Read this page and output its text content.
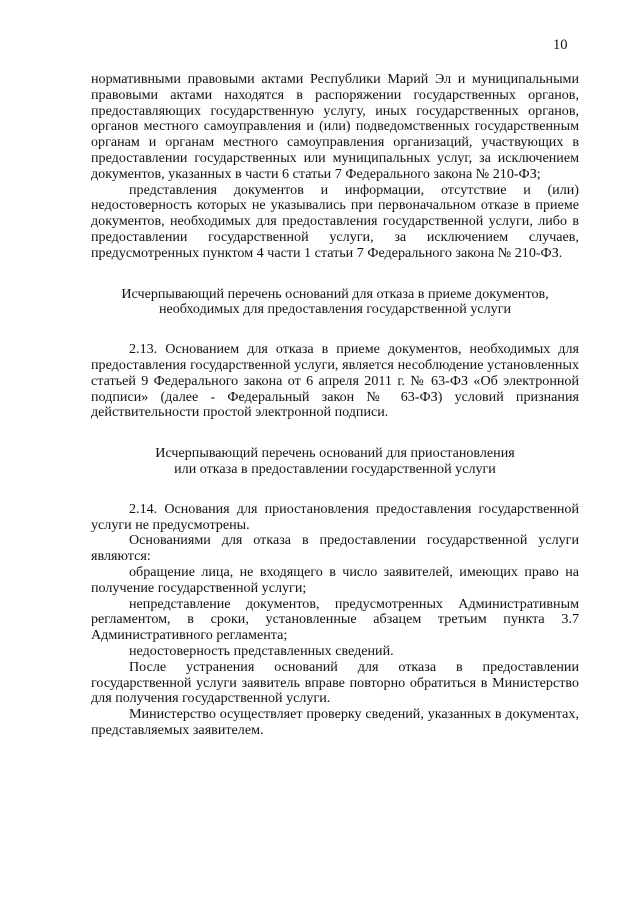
10

нормативными правовыми актами Республики Марий Эл и муниципальными правовыми актами находятся в распоряжении государственных органов, предоставляющих государственную услугу, иных государственных органов, органов местного самоуправления и (или) подведомственных государственным органам и органам местного самоуправления организаций, участвующих в предоставлении государственных или муниципальных услуг, за исключением документов, указанных в части 6 статьи 7 Федерального закона № 210-ФЗ;

представления документов и информации, отсутствие и (или) недостоверность которых не указывались при первоначальном отказе в приеме документов, необходимых для предоставления государственной услуги, либо в предоставлении государственной услуги, за исключением случаев, предусмотренных пунктом 4 части 1 статьи 7 Федерального закона № 210-ФЗ.

Исчерпывающий перечень оснований для отказа в приеме документов,
необходимых для предоставления государственной услуги

2.13. Основанием для отказа в приеме документов, необходимых для предоставления государственной услуги, является несоблюдение установленных статьей 9 Федерального закона от 6 апреля 2011 г. № 63-ФЗ «Об электронной подписи» (далее - Федеральный закон № 63-ФЗ) условий признания действительности простой электронной подписи.

Исчерпывающий перечень оснований для приостановления
или отказа в предоставлении государственной услуги

2.14. Основания для приостановления предоставления государственной услуги не предусмотрены.

Основаниями для отказа в предоставлении государственной услуги являются:

обращение лица, не входящего в число заявителей, имеющих право на получение государственной услуги;

непредставление документов, предусмотренных Административным регламентом, в сроки, установленные абзацем третьим пункта 3.7 Административного регламента;

недостоверность представленных сведений.

После устранения оснований для отказа в предоставлении государственной услуги заявитель вправе повторно обратиться в Министерство для получения государственной услуги.

Министерство осуществляет проверку сведений, указанных в документах, представляемых заявителем.
